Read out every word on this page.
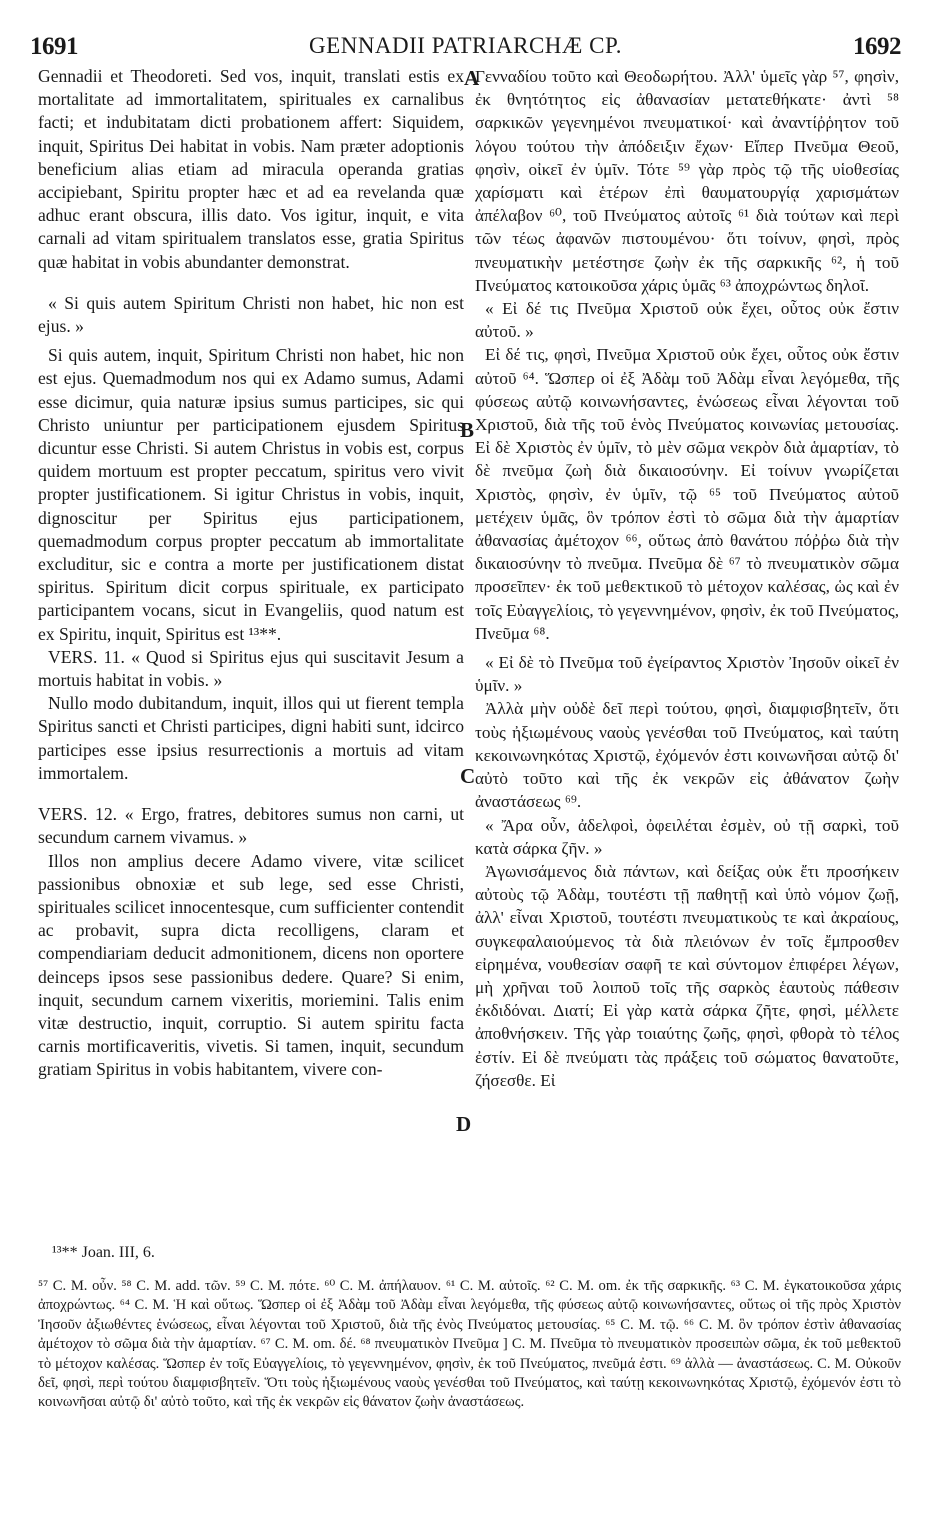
1691	GENNADII PATRIARCHÆ CP.	1692

Gennadii et Theodoreti. Sed vos, inquit, translati estis ex mortalitate ad immortalitatem, spirituales ex carnalibus facti; et indubitatam dicti probationem affert: Siquidem, inquit, Spiritus Dei habitat in vobis. Nam præter adoptionis beneficium alias etiam ad miracula operanda gratias accipiebant, Spiritu propter hæc et ad ea revelanda quæ adhuc erant obscura, illis dato. Vos igitur, inquit, e vita carnali ad vitam spiritualem translatos esse, gratia Spiritus quæ habitat in vobis abundanter demonstrat.

« Si quis autem Spiritum Christi non habet, hic non est ejus. »

Si quis autem, inquit, Spiritum Christi non habet, hic non est ejus. Quemadmodum nos qui ex Adamo sumus, Adami esse dicimur, quia naturæ ipsius sumus participes, sic qui Christo uniuntur per participationem ejusdem Spiritus dicuntur esse Christi. Si autem Christus in vobis est, corpus quidem mortuum est propter peccatum, spiritus vero vivit propter justificationem. Si igitur Christus in vobis, inquit, dignoscitur per Spiritus ejus participationem, quemadmodum corpus propter peccatum ab immortalitate excluditur, sic e contra a morte per justificationem distat spiritus. Spiritum dicit corpus spirituale, ex participato participantem vocans, sicut in Evangeliis, quod natum est ex Spiritu, inquit, Spiritus est ¹³**.

VERS. 11. « Quod si Spiritus ejus qui suscitavit Jesum a mortuis habitat in vobis. »

Nullo modo dubitandum, inquit, illos qui ut fierent templa Spiritus sancti et Christi participes, digni habiti sunt, idcirco participes esse ipsius resurrectionis a mortuis ad vitam immortalem.

VERS. 12. « Ergo, fratres, debitores sumus non carni, ut secundum carnem vivamus. »

Illos non amplius decere Adamo vivere, vitæ scilicet passionibus obnoxiæ et sub lege, sed esse Christi, spirituales scilicet innocentesque, cum sufficienter contendit ac probavit, supra dicta recolligens, claram et compendiariam deducit admonitionem, dicens non oportere deinceps ipsos sese passionibus dedere. Quare? Si enim, inquit, secundum carnem vixeritis, moriemini. Talis enim vitæ destructio, inquit, corruptio. Si autem spiritu facta carnis mortificaveritis, vivetis. Si tamen, inquit, secundum gratiam Spiritus in vobis habitantem, vivere con-

Γενναδίου τοῦτο καὶ Θεοδωρήτου. Ἀλλ' ὑμεῖς γὰρ ⁵⁷, φησὶν, ἐκ θνητότητος εἰς ἀθανασίαν μετατεθήκατε· ἀντὶ ⁵⁸ σαρκικῶν γεγενημένοι πνευματικοί· καὶ ἀναντίῤῥητον τοῦ λόγου τούτου τὴν ἀπόδειξιν ἔχων· Εἴπερ Πνεῦμα Θεοῦ, φησὶν, οἰκεῖ ἐν ὑμῖν. Τότε ⁵⁹ γὰρ πρὸς τῷ τῆς υἱοθεσίας χαρίσματι καὶ ἑτέρων ἐπὶ θαυματουργίᾳ χαρισμάτων ἀπέλαβον ⁶⁰, τοῦ Πνεύματος αὐτοῖς ⁶¹ διὰ τούτων καὶ περὶ τῶν τέως ἀφανῶν πιστουμένου· ὅτι τοίνυν, φησὶ, πρὸς πνευματικὴν μετέστησε ζωὴν ἐκ τῆς σαρκικῆς ⁶², ἡ τοῦ Πνεύματος κατοικοῦσα χάρις ὑμᾶς ⁶³ ἀποχρώντως δηλοῖ.

« Εἰ δέ τις Πνεῦμα Χριστοῦ οὐκ ἔχει, οὗτος οὐκ ἔστιν αὐτοῦ. »

Εἰ δέ τις, φησὶ, Πνεῦμα Χριστοῦ οὐκ ἔχει, οὗτος οὐκ ἔστιν αὐτοῦ ⁶⁴. Ὥσπερ οἱ ἐξ Ἀδὰμ τοῦ Ἀδὰμ εἶναι λεγόμεθα, τῆς φύσεως αὐτῷ κοινωνήσαντες, ἑνώσεως εἶναι λέγονται τοῦ Χριστοῦ, διὰ τῆς τοῦ ἑνὸς Πνεύματος κοινωνίας μετουσίας. Εἰ δὲ Χριστὸς ἐν ὑμῖν, τὸ μὲν σῶμα νεκρὸν διὰ ἁμαρτίαν, τὸ δὲ πνεῦμα ζωὴ διὰ δικαιοσύνην. Εἰ τοίνυν γνωρίζεται Χριστὸς, φησὶν, ἐν ὑμῖν, τῷ ⁶⁵ τοῦ Πνεύματος αὐτοῦ μετέχειν ὑμᾶς, ὃν τρόπον ἐστὶ τὸ σῶμα διὰ τὴν ἁμαρτίαν ἀθανασίας ἀμέτοχον ⁶⁶, οὕτως ἀπὸ θανάτου πόῤῥω διὰ τὴν δικαιοσύνην τὸ πνεῦμα. Πνεῦμα δὲ ⁶⁷ τὸ πνευματικὸν σῶμα προσεῖπεν· ἐκ τοῦ μεθεκτικοῦ τὸ μέτοχον καλέσας, ὡς καὶ ἐν τοῖς Εὐαγγελίοις, τὸ γεγεννημένον, φησὶν, ἐκ τοῦ Πνεύματος, Πνεῦμα ⁶⁸.

« Εἰ δὲ τὸ Πνεῦμα τοῦ ἐγείραντος Χριστὸν Ἰησοῦν οἰκεῖ ἐν ὑμῖν. »

Ἀλλὰ μὴν οὐδὲ δεῖ περὶ τούτου, φησὶ, διαμφισβητεῖν, ὅτι τοὺς ἠξιωμένους ναοὺς γενέσθαι τοῦ Πνεύματος, καὶ ταύτη κεκοινωνηκότας Χριστῷ, ἐχόμενόν ἐστι κοινωνῆσαι αὐτῷ δι' αὐτὸ τοῦτο καὶ τῆς ἐκ νεκρῶν εἰς ἀθάνατον ζωὴν ἀναστάσεως ⁶⁹.

« Ἄρα οὖν, ἀδελφοὶ, ὀφειλέται ἐσμὲν, οὐ τῇ σαρκὶ, τοῦ κατὰ σάρκα ζῆν. »

Ἀγωνισάμενος διὰ πάντων, καὶ δείξας οὐκ ἔτι προσήκειν αὐτοὺς τῷ Ἀδὰμ, τουτέστι τῇ παθητῇ καὶ ὑπὸ νόμον ζωῇ, ἀλλ' εἶναι Χριστοῦ, τουτέστι πνευματικοὺς τε καὶ ἀκραίους, συγκεφαλαιούμενος τὰ διὰ πλειόνων ἐν τοῖς ἔμπροσθεν εἰρημένα, νουθεσίαν σαφῆ τε καὶ σύντομον ἐπιφέρει λέγων, μὴ χρῆναι τοῦ λοιποῦ τοῖς τῆς σαρκὸς ἑαυτοὺς πάθεσιν ἐκδιδόναι. Διατί; Εἰ γὰρ κατὰ σάρκα ζῆτε, φησὶ, μέλλετε ἀποθνήσκειν. Τῆς γὰρ τοιαύτης ζωῆς, φησὶ, φθορὰ τὸ τέλος ἐστίν. Εἰ δὲ πνεύματι τὰς πράξεις τοῦ σώματος θανατοῦτε, ζήσεσθε. Εἰ

A
B
C
D
¹³** Joan. III, 6.

⁵⁷ C. M. οὖν. ⁵⁸ C. M. add. τῶν. ⁵⁹ C. M. πότε. ⁶⁰ C. M. ἀπήλαυον. ⁶¹ C. M. αὐτοῖς. ⁶² C. M. om. ἐκ τῆς σαρκικῆς. ⁶³ C. M. ἐγκατοικοῦσα χάρις ἀποχρώντως. ⁶⁴ C. M. Ἡ καὶ οὕτως. Ὥσπερ οἱ ἐξ Ἀδὰμ τοῦ Ἀδὰμ εἶναι λεγόμεθα, τῆς φύσεως αὐτῷ κοινωνήσαντες, οὕτως οἱ τῆς πρὸς Χριστὸν Ἰησοῦν ἀξιωθέντες ἑνώσεως, εἶναι λέγονται τοῦ Χριστοῦ, διὰ τῆς ἐνὸς Πνεύματος μετουσίας. ⁶⁵ C. M. τῷ. ⁶⁶ C. M. ὃν τρόπον ἐστὶν ἀθανασίας ἀμέτοχον τὸ σῶμα διὰ τὴν ἁμαρτίαν. ⁶⁷ C. M. om. δέ. ⁶⁸ πνευματικὸν Πνεῦμα ] C. M. Πνεῦμα τὸ πνευματικὸν προσειπὼν σῶμα, ἐκ τοῦ μεθεκτοῦ τὸ μέτοχον καλέσας. Ὥσπερ ἐν τοῖς Εὐαγγελίοις, τὸ γεγεννημένον, φησὶν, ἐκ τοῦ Πνεύματος, πνεῦμά ἐστι. ⁶⁹ ἀλλὰ — ἀναστάσεως. C. M. Οὐκοῦν δεῖ, φησὶ, περὶ τούτου διαμφισβητεῖν. Ὅτι τοὺς ἠξιωμένους ναοὺς γενέσθαι τοῦ Πνεύματος, καὶ ταύτῃ κεκοινωνηκότας Χριστῷ, ἐχόμενόν ἐστι τὸ κοινωνῆσαι αὐτῷ δι' αὐτὸ τοῦτο, καὶ τῆς ἐκ νεκρῶν εἰς θάνατον ζωὴν ἀναστάσεως.
